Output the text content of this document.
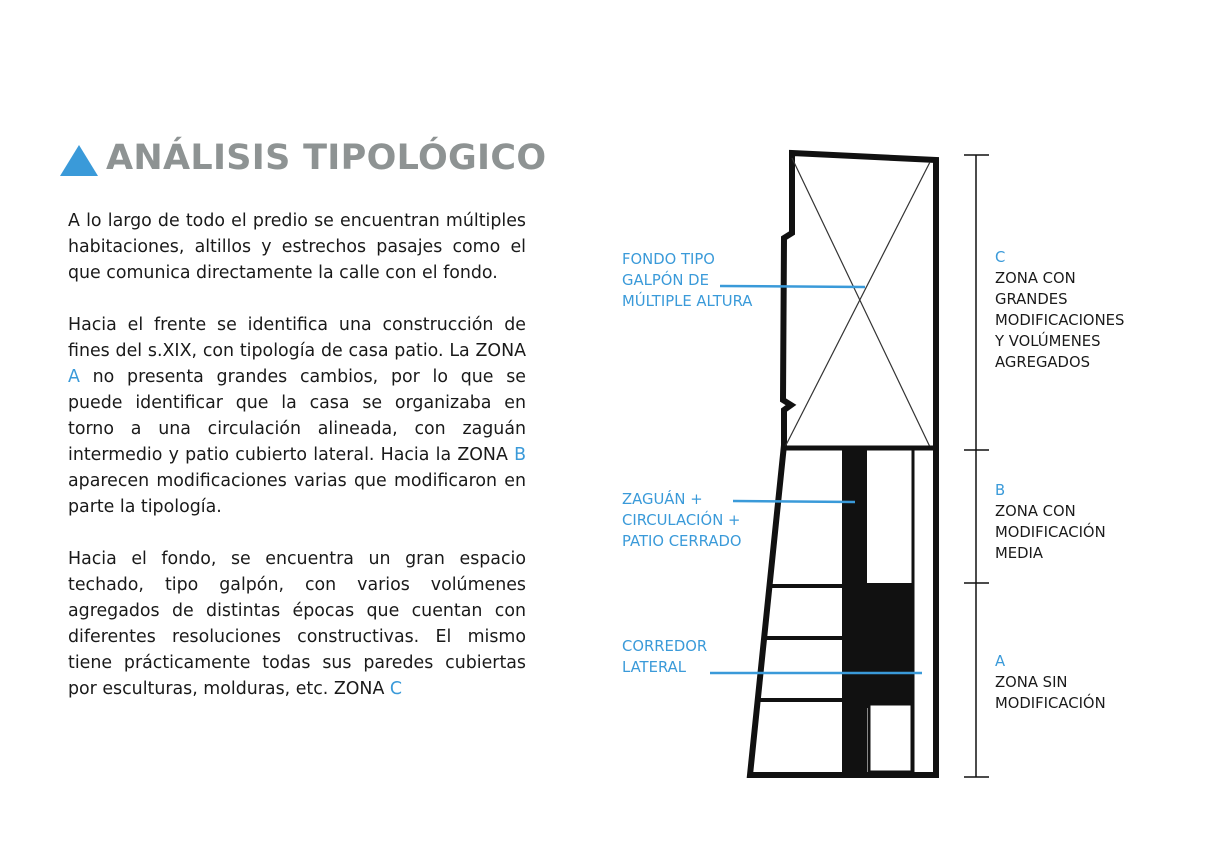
ANÁLISIS TIPOLÓGICO

A lo largo de todo el predio se encuentran múltiples habitaciones, altillos y estrechos pasajes como el que comunica directamente la calle con el fondo.

Hacia el frente se identifica una construcción de fines del s.XIX, con tipología de casa patio. La ZONA A no presenta grandes cambios, por lo que se puede identificar que la casa se organizaba en torno a una circulación alineada, con zaguán intermedio y patio cubierto lateral. Hacia la ZONA B aparecen modificaciones varias que modificaron en parte la tipología.

Hacia el fondo, se encuentra un gran espacio techado, tipo galpón, con varios volúmenes agregados de distintas épocas que cuentan con diferentes resoluciones constructivas. El mismo tiene prácticamente todas sus paredes cubiertas por esculturas, molduras, etc. ZONA C

FONDO TIPO
GALPÓN DE
MÚLTIPLE ALTURA
ZAGUÁN +
CIRCULACIÓN +
PATIO CERRADO
CORREDOR
LATERAL
C
ZONA CON
GRANDES
MODIFICACIONES
Y VOLÚMENES
AGREGADOS
B
ZONA CON
MODIFICACIÓN
MEDIA
A
ZONA SIN
MODIFICACIÓN
